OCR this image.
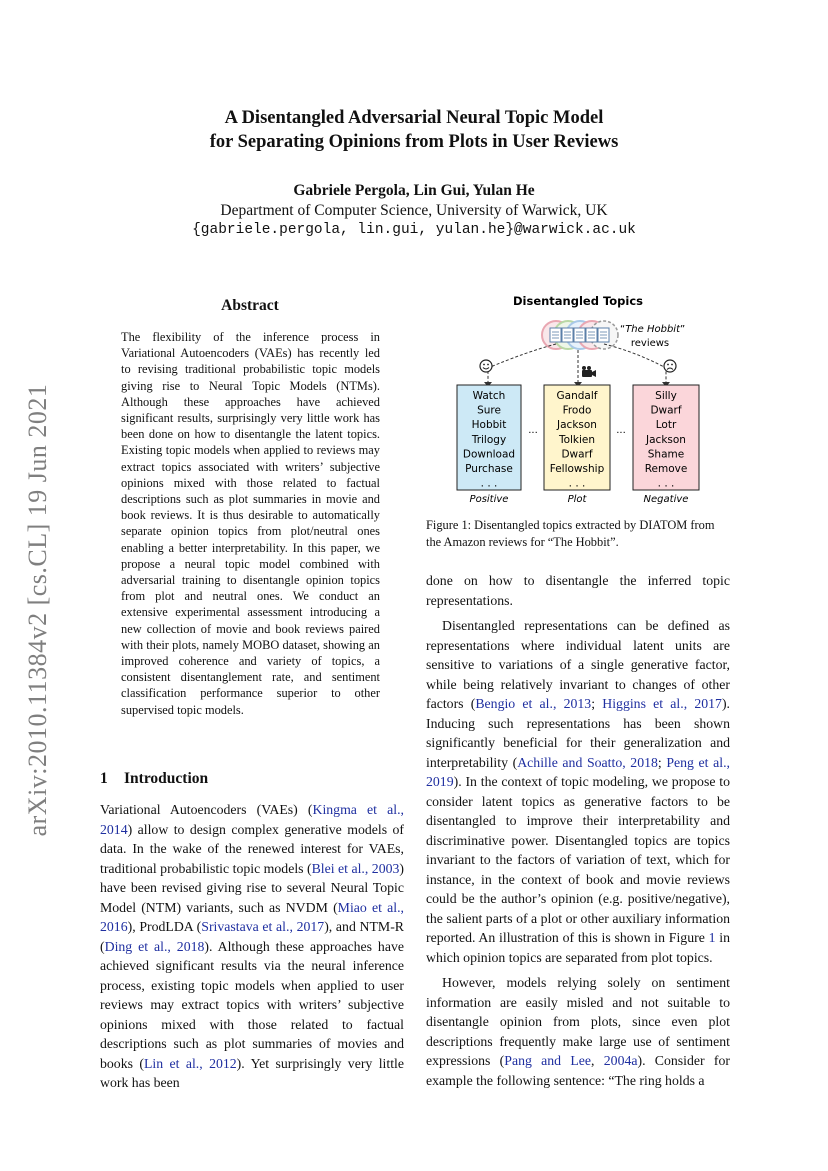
arXiv:2010.11384v2 [cs.CL] 19 Jun 2021
A Disentangled Adversarial Neural Topic Model
for Separating Opinions from Plots in User Reviews
Gabriele Pergola, Lin Gui, Yulan He
Department of Computer Science, University of Warwick, UK
{gabriele.pergola, lin.gui, yulan.he}@warwick.ac.uk
Abstract
The flexibility of the inference process in Variational Autoencoders (VAEs) has recently led to revising traditional probabilistic topic models giving rise to Neural Topic Models (NTMs). Although these approaches have achieved significant results, surprisingly very little work has been done on how to disentangle the latent topics. Existing topic models when applied to reviews may extract topics associated with writers’ subjective opinions mixed with those related to factual descriptions such as plot summaries in movie and book reviews. It is thus desirable to automatically separate opinion topics from plot/neutral ones enabling a better interpretability. In this paper, we propose a neural topic model combined with adversarial training to disentangle opinion topics from plot and neutral ones. We conduct an extensive experimental assessment introducing a new collection of movie and book reviews paired with their plots, namely MOBO dataset, showing an improved coherence and variety of topics, a consistent disentanglement rate, and sentiment classification performance superior to other supervised topic models.
1 Introduction

Variational Autoencoders (VAEs) (Kingma et al., 2014) allow to design complex generative models of data. In the wake of the renewed interest for VAEs, traditional probabilistic topic models (Blei et al., 2003) have been revised giving rise to several Neural Topic Model (NTM) variants, such as NVDM (Miao et al., 2016), ProdLDA (Srivastava et al., 2017), and NTM-R (Ding et al., 2018). Although these approaches have achieved significant results via the neural inference process, existing topic models when applied to user reviews may extract topics with writers’ subjective opinions mixed with those related to factual descriptions such as plot summaries of movies and books (Lin et al., 2012). Yet surprisingly very little work has been

Disentangled Topics
“The Hobbit”
reviews
Watch
Sure
Hobbit
Trilogy
Download
Purchase
. . .
Gandalf
Frodo
Jackson
Tolkien
Dwarf
Fellowship
. . .
Silly
Dwarf
Lotr
Jackson
Shame
Remove
. . .
···	···
Positive	Plot	Negative
Figure 1: Disentangled topics extracted by DIATOM from the Amazon reviews for “The Hobbit”.

done on how to disentangle the inferred topic representations.

Disentangled representations can be defined as representations where individual latent units are sensitive to variations of a single generative factor, while being relatively invariant to changes of other factors (Bengio et al., 2013; Higgins et al., 2017). Inducing such representations has been shown significantly beneficial for their generalization and interpretability (Achille and Soatto, 2018; Peng et al., 2019). In the context of topic modeling, we propose to consider latent topics as generative factors to be disentangled to improve their interpretability and discriminative power. Disentangled topics are topics invariant to the factors of variation of text, which for instance, in the context of book and movie reviews could be the author’s opinion (e.g. positive/negative), the salient parts of a plot or other auxiliary information reported. An illustration of this is shown in Figure 1 in which opinion topics are separated from plot topics.

However, models relying solely on sentiment information are easily misled and not suitable to disentangle opinion from plots, since even plot descriptions frequently make large use of sentiment expressions (Pang and Lee, 2004a). Consider for example the following sentence: “The ring holds a
